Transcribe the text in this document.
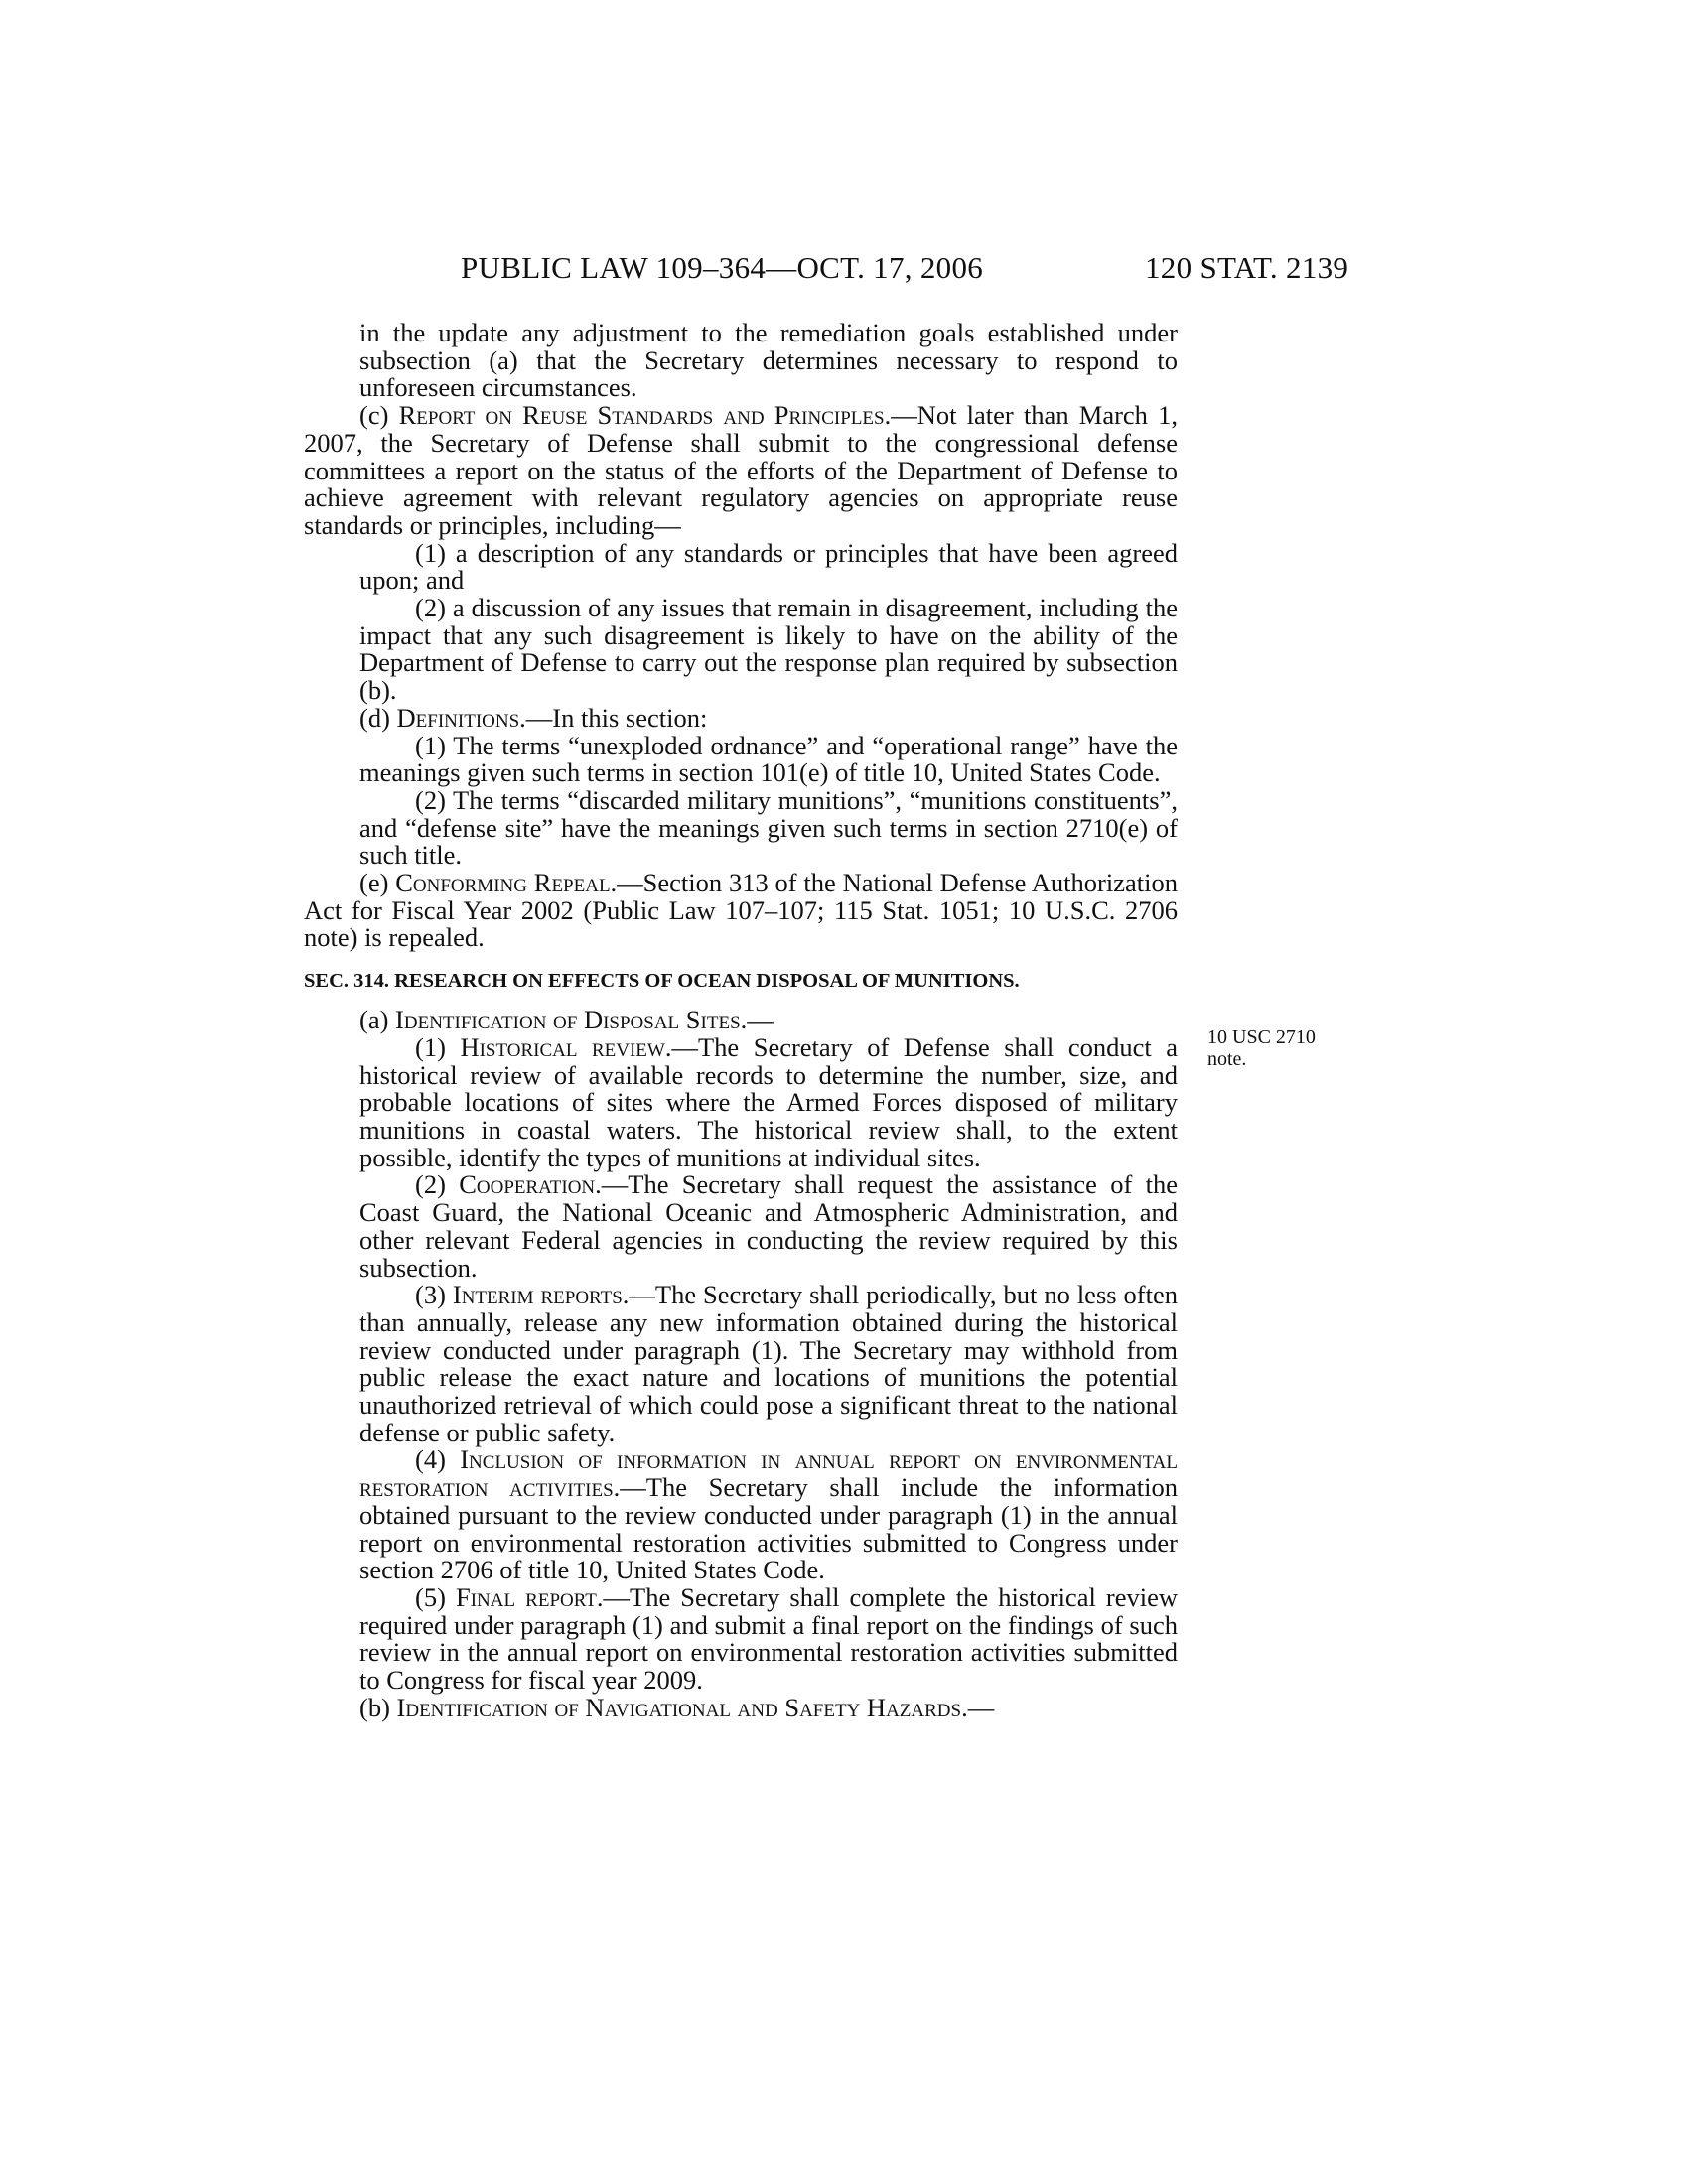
PUBLIC LAW 109–364—OCT. 17, 2006	120 STAT. 2139
10 USC 2710
note.

in the update any adjustment to the remediation goals established under subsection (a) that the Secretary determines necessary to respond to unforeseen circumstances.

(c) Report on Reuse Standards and Principles.—Not later than March 1, 2007, the Secretary of Defense shall submit to the congressional defense committees a report on the status of the efforts of the Department of Defense to achieve agreement with relevant regulatory agencies on appropriate reuse standards or principles, including—

(1) a description of any standards or principles that have been agreed upon; and

(2) a discussion of any issues that remain in disagreement, including the impact that any such disagreement is likely to have on the ability of the Department of Defense to carry out the response plan required by subsection (b).

(d) Definitions.—In this section:

(1) The terms “unexploded ordnance” and “operational range” have the meanings given such terms in section 101(e) of title 10, United States Code.

(2) The terms “discarded military munitions”, “munitions constituents”, and “defense site” have the meanings given such terms in section 2710(e) of such title.

(e) Conforming Repeal.—Section 313 of the National Defense Authorization Act for Fiscal Year 2002 (Public Law 107–107; 115 Stat. 1051; 10 U.S.C. 2706 note) is repealed.

SEC. 314. RESEARCH ON EFFECTS OF OCEAN DISPOSAL OF MUNITIONS.

(a) Identification of Disposal Sites.—

(1) Historical review.—The Secretary of Defense shall conduct a historical review of available records to determine the number, size, and probable locations of sites where the Armed Forces disposed of military munitions in coastal waters. The historical review shall, to the extent possible, identify the types of munitions at individual sites.

(2) Cooperation.—The Secretary shall request the assistance of the Coast Guard, the National Oceanic and Atmospheric Administration, and other relevant Federal agencies in conducting the review required by this subsection.

(3) Interim reports.—The Secretary shall periodically, but no less often than annually, release any new information obtained during the historical review conducted under paragraph (1). The Secretary may withhold from public release the exact nature and locations of munitions the potential unauthorized retrieval of which could pose a significant threat to the national defense or public safety.

(4) Inclusion of information in annual report on environmental restoration activities.—The Secretary shall include the information obtained pursuant to the review conducted under paragraph (1) in the annual report on environmental restoration activities submitted to Congress under section 2706 of title 10, United States Code.

(5) Final report.—The Secretary shall complete the historical review required under paragraph (1) and submit a final report on the findings of such review in the annual report on environmental restoration activities submitted to Congress for fiscal year 2009.

(b) Identification of Navigational and Safety Hazards.—
